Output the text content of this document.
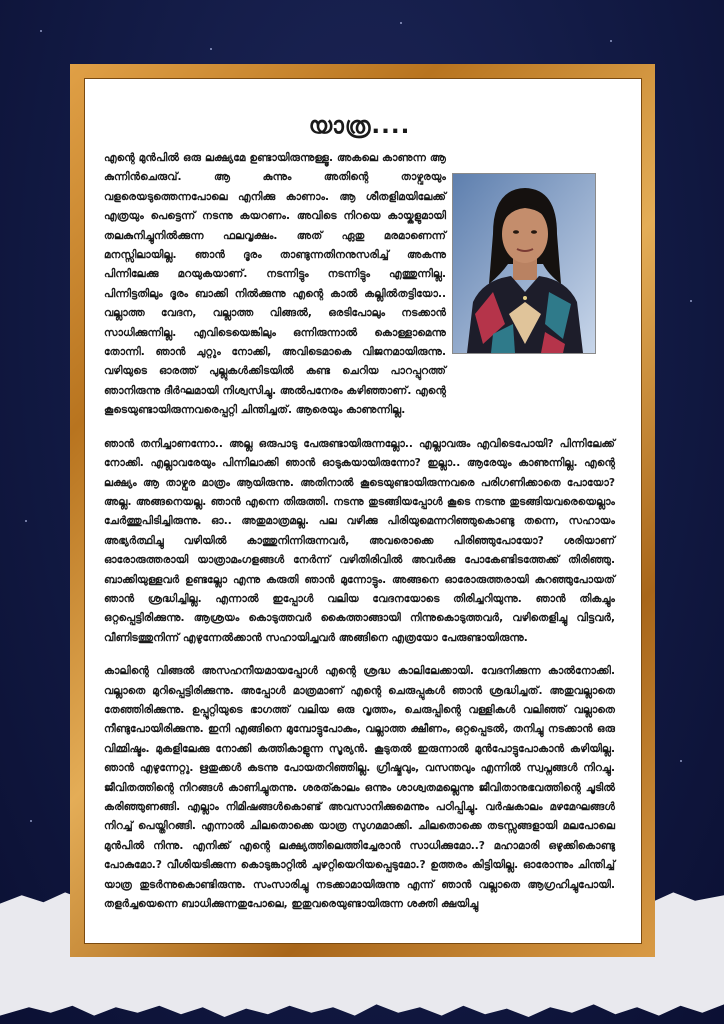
യാത്ര....

എന്റെ മുൻപിൽ ഒരു ലക്ഷ്യമേ ഉണ്ടായിരുന്നുള്ളൂ. അകലെ കാണുന്ന ആ കുന്നിൻചെരുവ്. ആ കുന്നും അതിന്റെ താഴ്വരയും വളരെയടുത്തെന്നപോലെ എനിക്കു കാണാം. ആ ശീതളിമയിലേക്ക് എത്രയും പെട്ടെന്ന് നടന്നു കയറണം. അവിടെ നിറയെ കായ്കളുമായി തലകുനിച്ചുനിൽക്കുന്ന ഫലവൃക്ഷം. അത് ഏതു മരമാണെന്ന് മനസ്സിലായില്ല. ഞാൻ ദൂരം താണ്ടുന്നതിനനുസരിച്ച് അകന്നു പിന്നിലേക്കു മറയുകയാണ്. നടന്നിട്ടും നടന്നിട്ടും എത്തുന്നില്ല. പിന്നിട്ടതിലും ദൂരം ബാക്കി നിൽക്കുന്നു എന്റെ കാൽ കല്ലിൽതട്ടിയോ.. വല്ലാത്ത വേദന, വല്ലാത്ത വിങ്ങൽ, ഒരടിപോലും നടക്കാൻ സാധിക്കുന്നില്ല. എവിടെയെങ്കിലും ഒന്നിരുന്നാൽ കൊള്ളാമെന്നു തോന്നി. ഞാൻ ചുറ്റും നോക്കി, അവിടെമാകെ വിജനമായിരുന്നു. വഴിയുടെ ഓരത്ത് പുല്ലുകൾക്കിടയിൽ കണ്ട ചെറിയ പാറപ്പുറത്ത് ഞാനിരുന്നു ദീർഘമായി നിശ്വസിച്ചു. അൽപനേരം കഴിഞ്ഞാണ്. എന്റെ കൂടെയുണ്ടായിരുന്നവരെപ്പറ്റി ചിന്തിച്ചത്. ആരെയും കാണുന്നില്ല.

ഞാൻ തനിച്ചാണന്നോ.. അല്ല ഒരുപാടു പേരുണ്ടായിരുന്നല്ലോ.. എല്ലാവരും എവിടെപോയി? പിന്നിലേക്ക് നോക്കി. എല്ലാവരേയും പിന്നിലാക്കി ഞാൻ ഓടുകയായിരുന്നോ? ഇല്ലാ.. ആരേയും കാണുന്നില്ല. എന്റെ ലക്ഷ്യം ആ താഴ്വര മാത്രം ആയിരുന്നു. അതിനാൽ കൂടെയുണ്ടായിരുന്നവരെ പരിഗണിക്കാതെ പോയോ? അല്ല. അങ്ങനെയല്ല. ഞാൻ എന്നെ തിരുത്തി. നടന്നു തുടങ്ങിയപ്പോൾ കൂടെ നടന്നു തുടങ്ങിയവരെയെല്ലാം ചേർത്തുപിടിച്ചിരുന്നു. ഓ.. അതുമാത്രമല്ല. പല വഴിക്കു പിരിയുമെന്നറിഞ്ഞുകൊണ്ടു തന്നെ, സഹായം അഭ്യർത്ഥിച്ചു വഴിയിൽ കാത്തുനിന്നിരുന്നവർ, അവരൊക്കെ പിരിഞ്ഞുപോയോ? ശരിയാണ് ഓരോരുത്തരായി യാത്രാമംഗളങ്ങൾ നേർന്ന് വഴിതിരിവിൽ അവർക്കു പോകേണ്ടിടത്തേക്ക് തിരിഞ്ഞു. ബാക്കിയുള്ളവർ ഉണ്ടല്ലോ എന്നു കരുതി ഞാൻ മുന്നോട്ടും. അങ്ങനെ ഓരോരുത്തരായി കുറഞ്ഞുപോയത് ഞാൻ ശ്രദ്ധിച്ചില്ല. എന്നാൽ ഇപ്പോൾ വലിയ വേദനയോടെ തിരിച്ചറിയുന്നു. ഞാൻ തികച്ചും ഒറ്റപ്പെട്ടിരിക്കുന്നു. ആശ്രയം കൊടുത്തവർ കൈത്താങ്ങായി നിന്നുകൊടുത്തവർ, വഴിതെളിച്ചു വിട്ടവർ, വീണിടത്തുനിന്ന് എഴുന്നേൽക്കാൻ സഹായിച്ചവർ അങ്ങിനെ എത്രയോ പേരുണ്ടായിരുന്നു.

കാലിന്റെ വിങ്ങൽ അസഹനീയമായപ്പോൾ എന്റെ ശ്രദ്ധ കാലിലേക്കായി. വേദനിക്കുന്ന കാൽനോക്കി. വല്ലാതെ മുറിപ്പെട്ടിരിക്കുന്നു. അപ്പോൾ മാത്രമാണ് എന്റെ ചെരുപ്പുകൾ ഞാൻ ശ്രദ്ധിച്ചത്. അതുവല്ലാതെ തേഞ്ഞിരിക്കുന്നു. ഉപ്പൂറ്റിയുടെ ഭാഗത്ത് വലിയ ഒരു വൃത്തം, ചെരുപ്പിന്റെ വള്ളികൾ വലിഞ്ഞ് വല്ലാതെ നീണ്ടുപോയിരിക്കുന്നു. ഇനി എങ്ങിനെ മുമ്പോട്ടുപോകും, വല്ലാത്ത ക്ഷീണം, ഒറ്റപ്പെടൽ, തനിച്ചു നടക്കാൻ ഒരു വിമ്മിഷ്ടം. മുകളിലേക്കു നോക്കി കത്തികാളുന്ന സൂര്യൻ. കൂടുതൽ ഇരുന്നാൽ മുൻപോട്ടുപോകാൻ കഴിയില്ല. ഞാൻ എഴുന്നേറ്റു. ഋതുക്കൾ കടന്നു പോയതറിഞ്ഞില്ല. ഗ്രീഷ്മവും, വസന്തവും എന്നിൽ സ്വപ്നങ്ങൾ നിറച്ചു. ജീവിതത്തിന്റെ നിറങ്ങൾ കാണിച്ചുതന്നു. ശരത്കാലം ഒന്നും ശാശ്വതമല്ലെന്നു ജീവിതാനുഭവത്തിന്റെ ചൂടിൽ കരിഞ്ഞുണങ്ങി. എല്ലാം നിമിഷങ്ങൾകൊണ്ട് അവസാനിക്കുമെന്നും പഠിപ്പിച്ചു. വർഷകാലം മഴമേഘങ്ങൾ നിറച്ച് പെയ്തിറങ്ങി. എന്നാൽ ചിലതൊക്കെ യാത്ര സുഗമമാക്കി. ചിലതൊക്കെ തടസ്സങ്ങളായി മലപോലെ മുൻപിൽ നിന്നു. എനിക്ക് എന്റെ ലക്ഷ്യത്തിലെത്തിച്ചേരാൻ സാധിക്കുമോ..? മഹാമാരി ഒഴുക്കികൊണ്ടു പോകുമോ.? വീശിയടിക്കുന്ന കൊടുങ്കാറ്റിൽ ചുഴറ്റിയെറിയപ്പെടുമോ.? ഉത്തരം കിട്ടിയില്ല. ഓരോന്നും ചിന്തിച്ച് യാത്ര തുടർന്നുകൊണ്ടിരുന്നു. സംസാരിച്ചു നടക്കാമായിരുന്നു എന്ന് ഞാൻ വല്ലാതെ ആഗ്രഹിച്ചുപോയി. തളർച്ചയെന്നെ ബാധിക്കുന്നതുപോലെ, ഇതുവരെയുണ്ടായിരുന്ന ശക്തി ക്ഷയിച്ചു
